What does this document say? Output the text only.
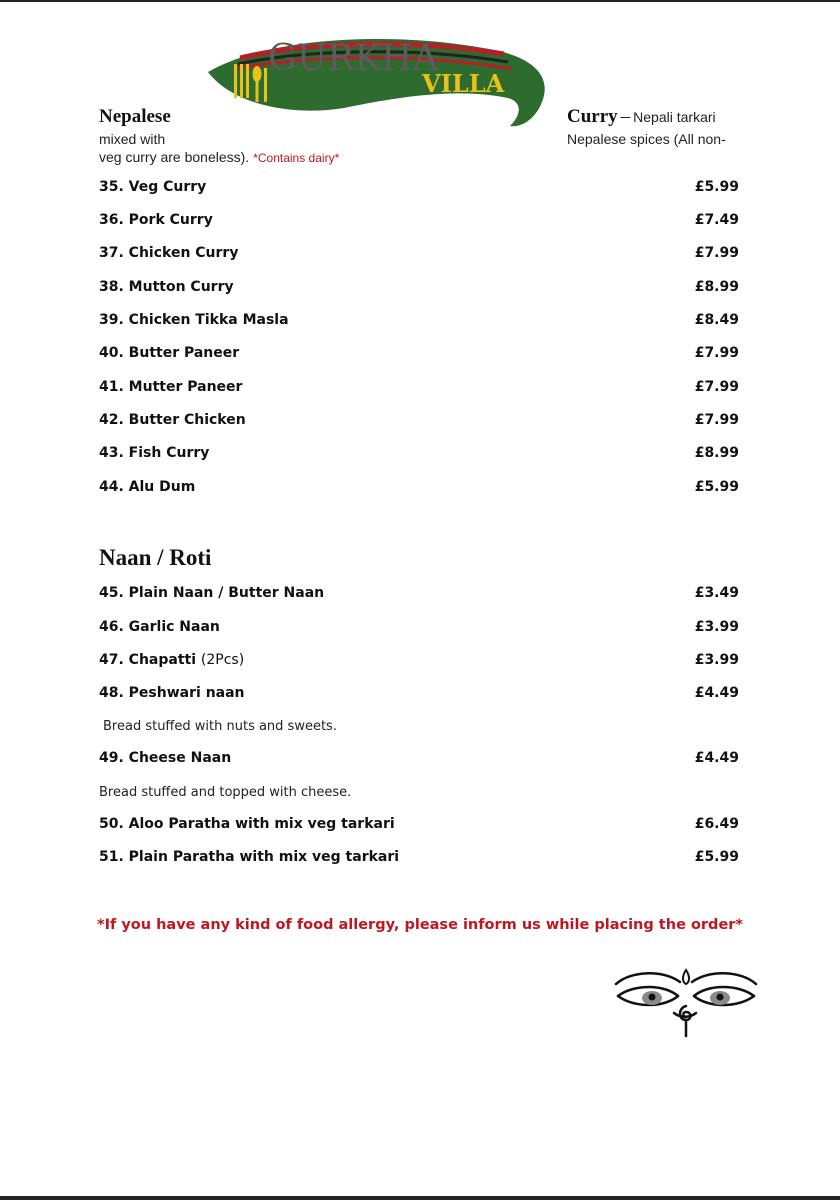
GURKHA
VILLA
Nepalese	Curry – Nepali tarkari
mixed with	Nepalese spices (All non-
veg curry are boneless). *Contains dairy*
35. Veg Curry	£5.99
36. Pork Curry	£7.49
37. Chicken Curry	£7.99
38. Mutton Curry	£8.99
39. Chicken Tikka Masla	£8.49
40. Butter Paneer	£7.99
41. Mutter Paneer	£7.99
42. Butter Chicken	£7.99
43. Fish Curry	£8.99
44. Alu Dum	£5.99
Naan / Roti
45. Plain Naan / Butter Naan	£3.49
46. Garlic Naan	£3.99
47. Chapatti (2Pcs)	£3.99
48. Peshwari naan	£4.49
Bread stuffed with nuts and sweets.
49. Cheese Naan	£4.49
Bread stuffed and topped with cheese.
50. Aloo Paratha with mix veg tarkari	£6.49
51. Plain Paratha with mix veg tarkari	£5.99
*If you have any kind of food allergy, please inform us while placing the order*
